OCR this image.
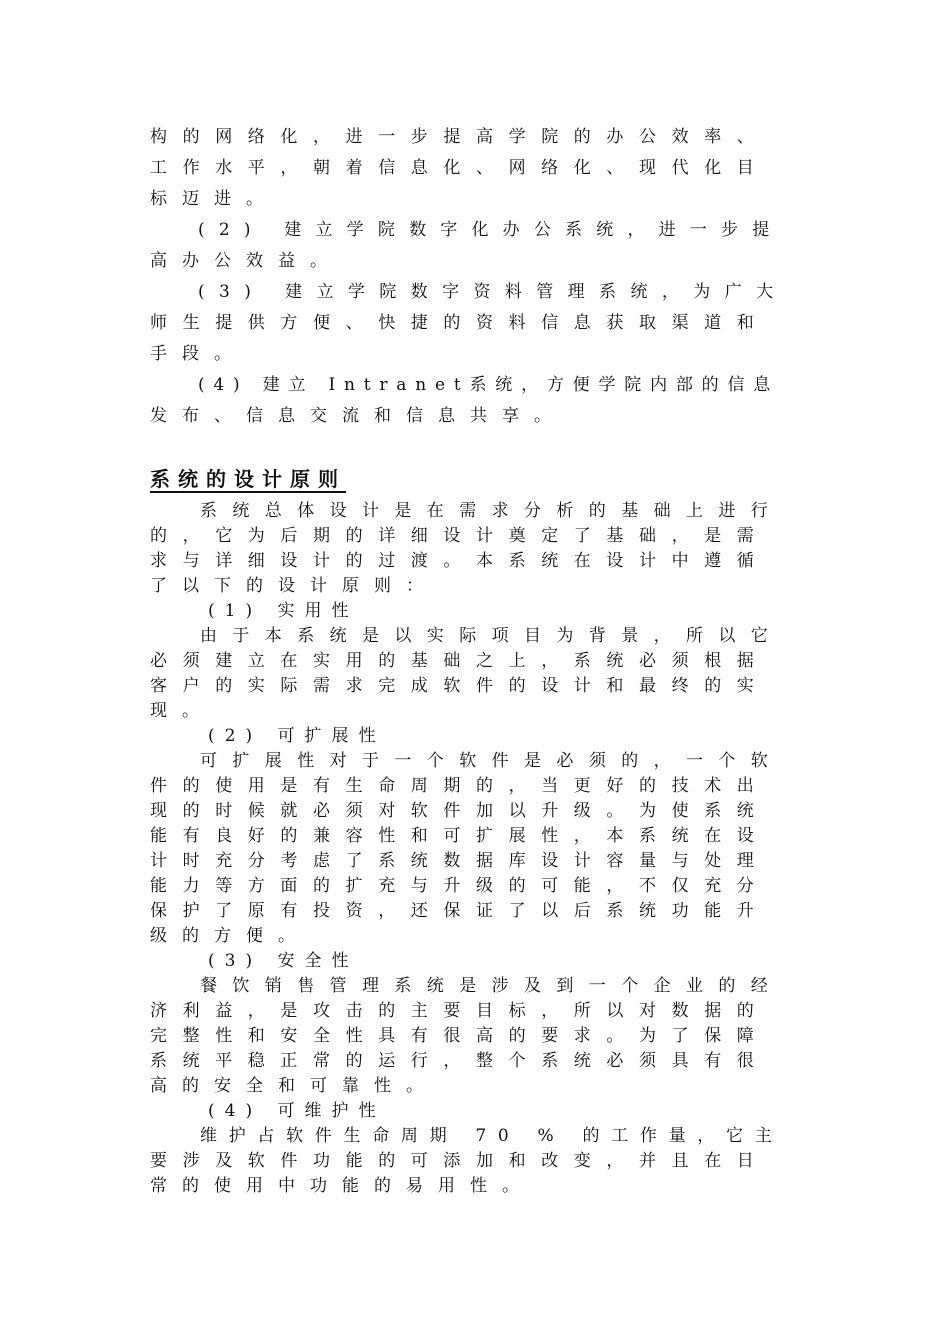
构的网络化，进一步提高学院的办公效率、
工作水平，朝着信息化、网络化、现代化目
标迈进。
(2) 建立学院数字化办公系统，进一步提
高办公效益。
(3) 建立学院数字资料管理系统，为广大
师生提供方便、快捷的资料信息获取渠道和
手段。
(4) 建立 Intranet系统，方便学院内部的信息
发布、信息交流和信息共享。
系统的设计原则
系统总体设计是在需求分析的基础上进行
的，它为后期的详细设计奠定了基础，是需
求与详细设计的过渡。本系统在设计中遵循
了以下的设计原则：
(1) 实用性
由于本系统是以实际项目为背景，所以它
必须建立在实用的基础之上，系统必须根据
客户的实际需求完成软件的设计和最终的实
现。
(2) 可扩展性
可扩展性对于一个软件是必须的，一个软
件的使用是有生命周期的，当更好的技术出
现的时候就必须对软件加以升级。为使系统
能有良好的兼容性和可扩展性，本系统在设
计时充分考虑了系统数据库设计容量与处理
能力等方面的扩充与升级的可能，不仅充分
保护了原有投资，还保证了以后系统功能升
级的方便。
(3) 安全性
餐饮销售管理系统是涉及到一个企业的经
济利益，是攻击的主要目标，所以对数据的
完整性和安全性具有很高的要求。为了保障
系统平稳正常的运行，整个系统必须具有很
高的安全和可靠性。
(4) 可维护性
维护占软件生命周期 70 % 的工作量，它主
要涉及软件功能的可添加和改变，并且在日
常的使用中功能的易用性。
